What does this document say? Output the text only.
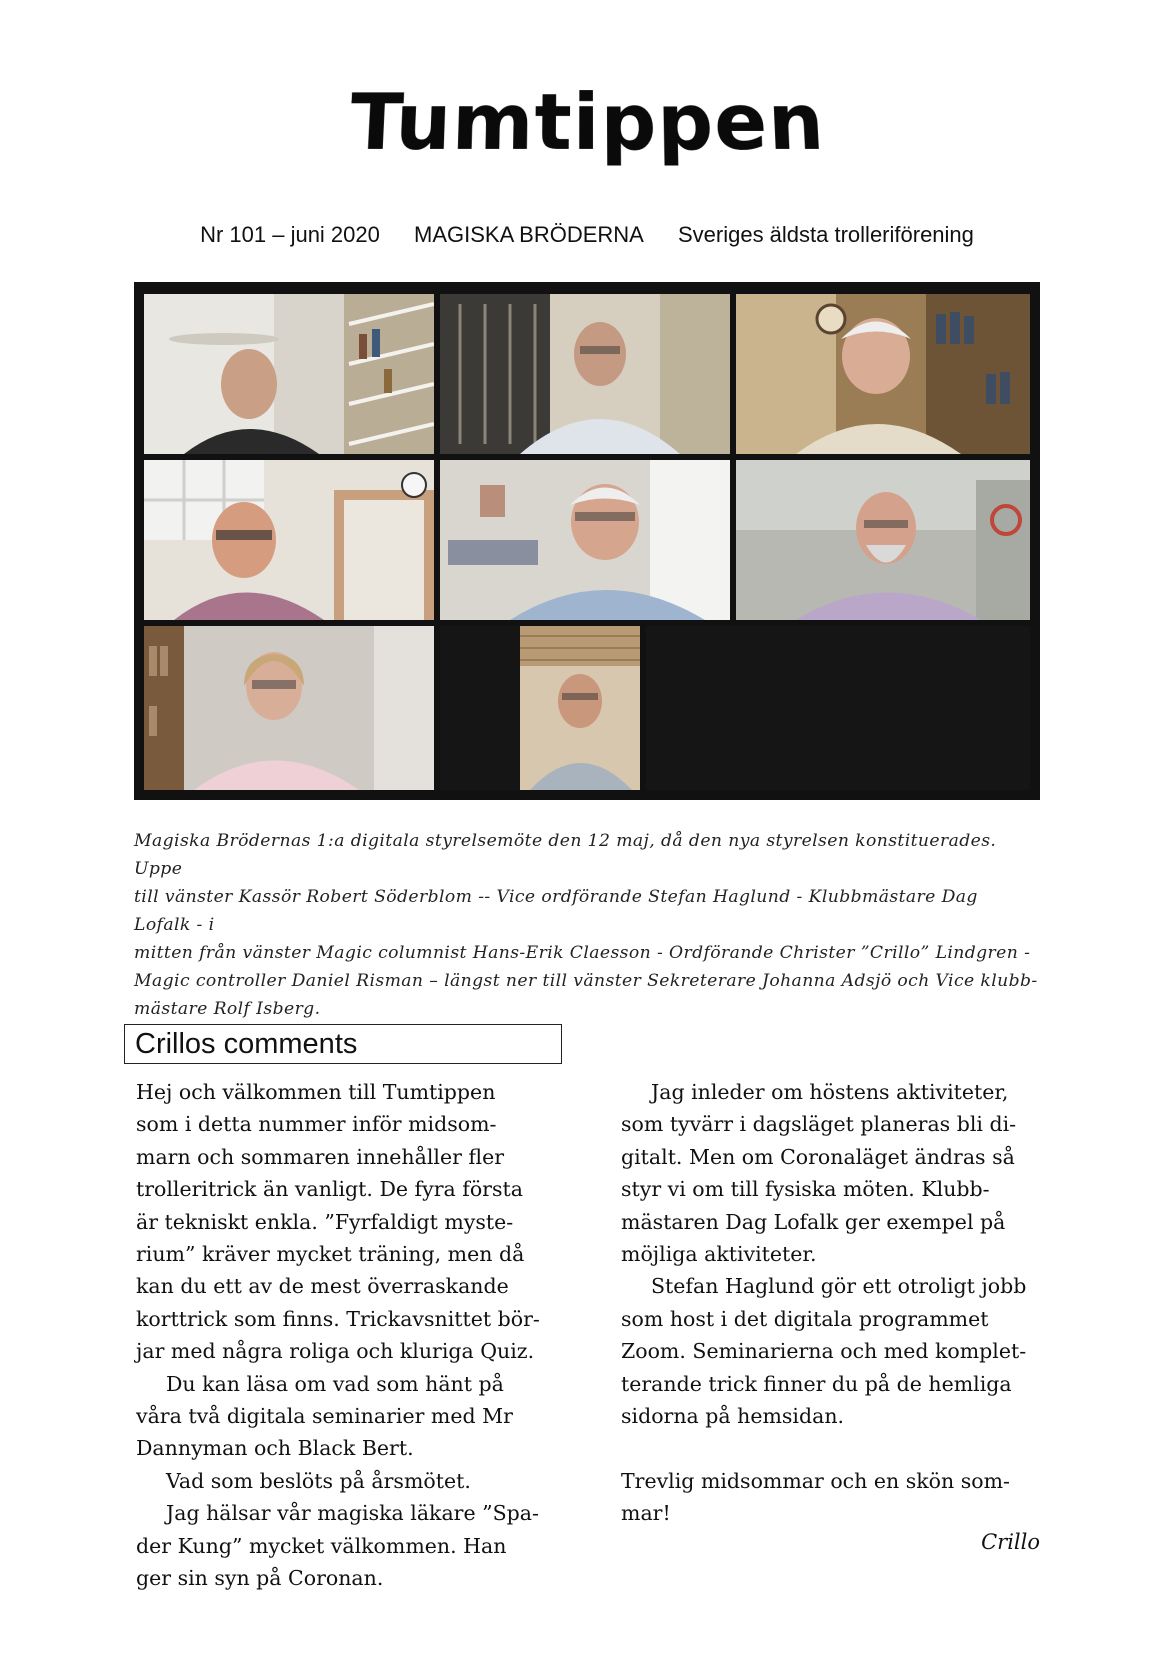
Tumtippen
Nr 101 – juni 2020 MAGISKA BRÖDERNA Sveriges äldsta trolleriförening
Magiska Brödernas 1:a digitala styrelsemöte den 12 maj, då den nya styrelsen konstituerades. Uppe
till vänster Kassör Robert Söderblom -- Vice ordförande Stefan Haglund - Klubbmästare Dag Lofalk - i
mitten från vänster Magic columnist Hans-Erik Claesson - Ordförande Christer ”Crillo” Lindgren -
Magic controller Daniel Risman – längst ner till vänster Sekreterare Johanna Adsjö och Vice klubb-
mästare Rolf Isberg.
Crillos comments
Hej och välkommen till Tumtippen
som i detta nummer inför midsom-
marn och sommaren innehåller fler
trolleritrick än vanligt. De fyra första
är tekniskt enkla. ”Fyrfaldigt myste-
rium” kräver mycket träning, men då
kan du ett av de mest överraskande
korttrick som finns. Trickavsnittet bör-
jar med några roliga och kluriga Quiz.
Du kan läsa om vad som hänt på
våra två digitala seminarier med Mr
Dannyman och Black Bert.
Vad som beslöts på årsmötet.
Jag hälsar vår magiska läkare ”Spa-
der Kung” mycket välkommen. Han
ger sin syn på Coronan.
Jag inleder om höstens aktiviteter,
som tyvärr i dagsläget planeras bli di-
gitalt. Men om Coronaläget ändras så
styr vi om till fysiska möten. Klubb-
mästaren Dag Lofalk ger exempel på
möjliga aktiviteter.
Stefan Haglund gör ett otroligt jobb
som host i det digitala programmet
Zoom. Seminarierna och med komplet-
terande trick finner du på de hemliga
sidorna på hemsidan.
Trevlig midsommar och en skön som-
mar!
Crillo
